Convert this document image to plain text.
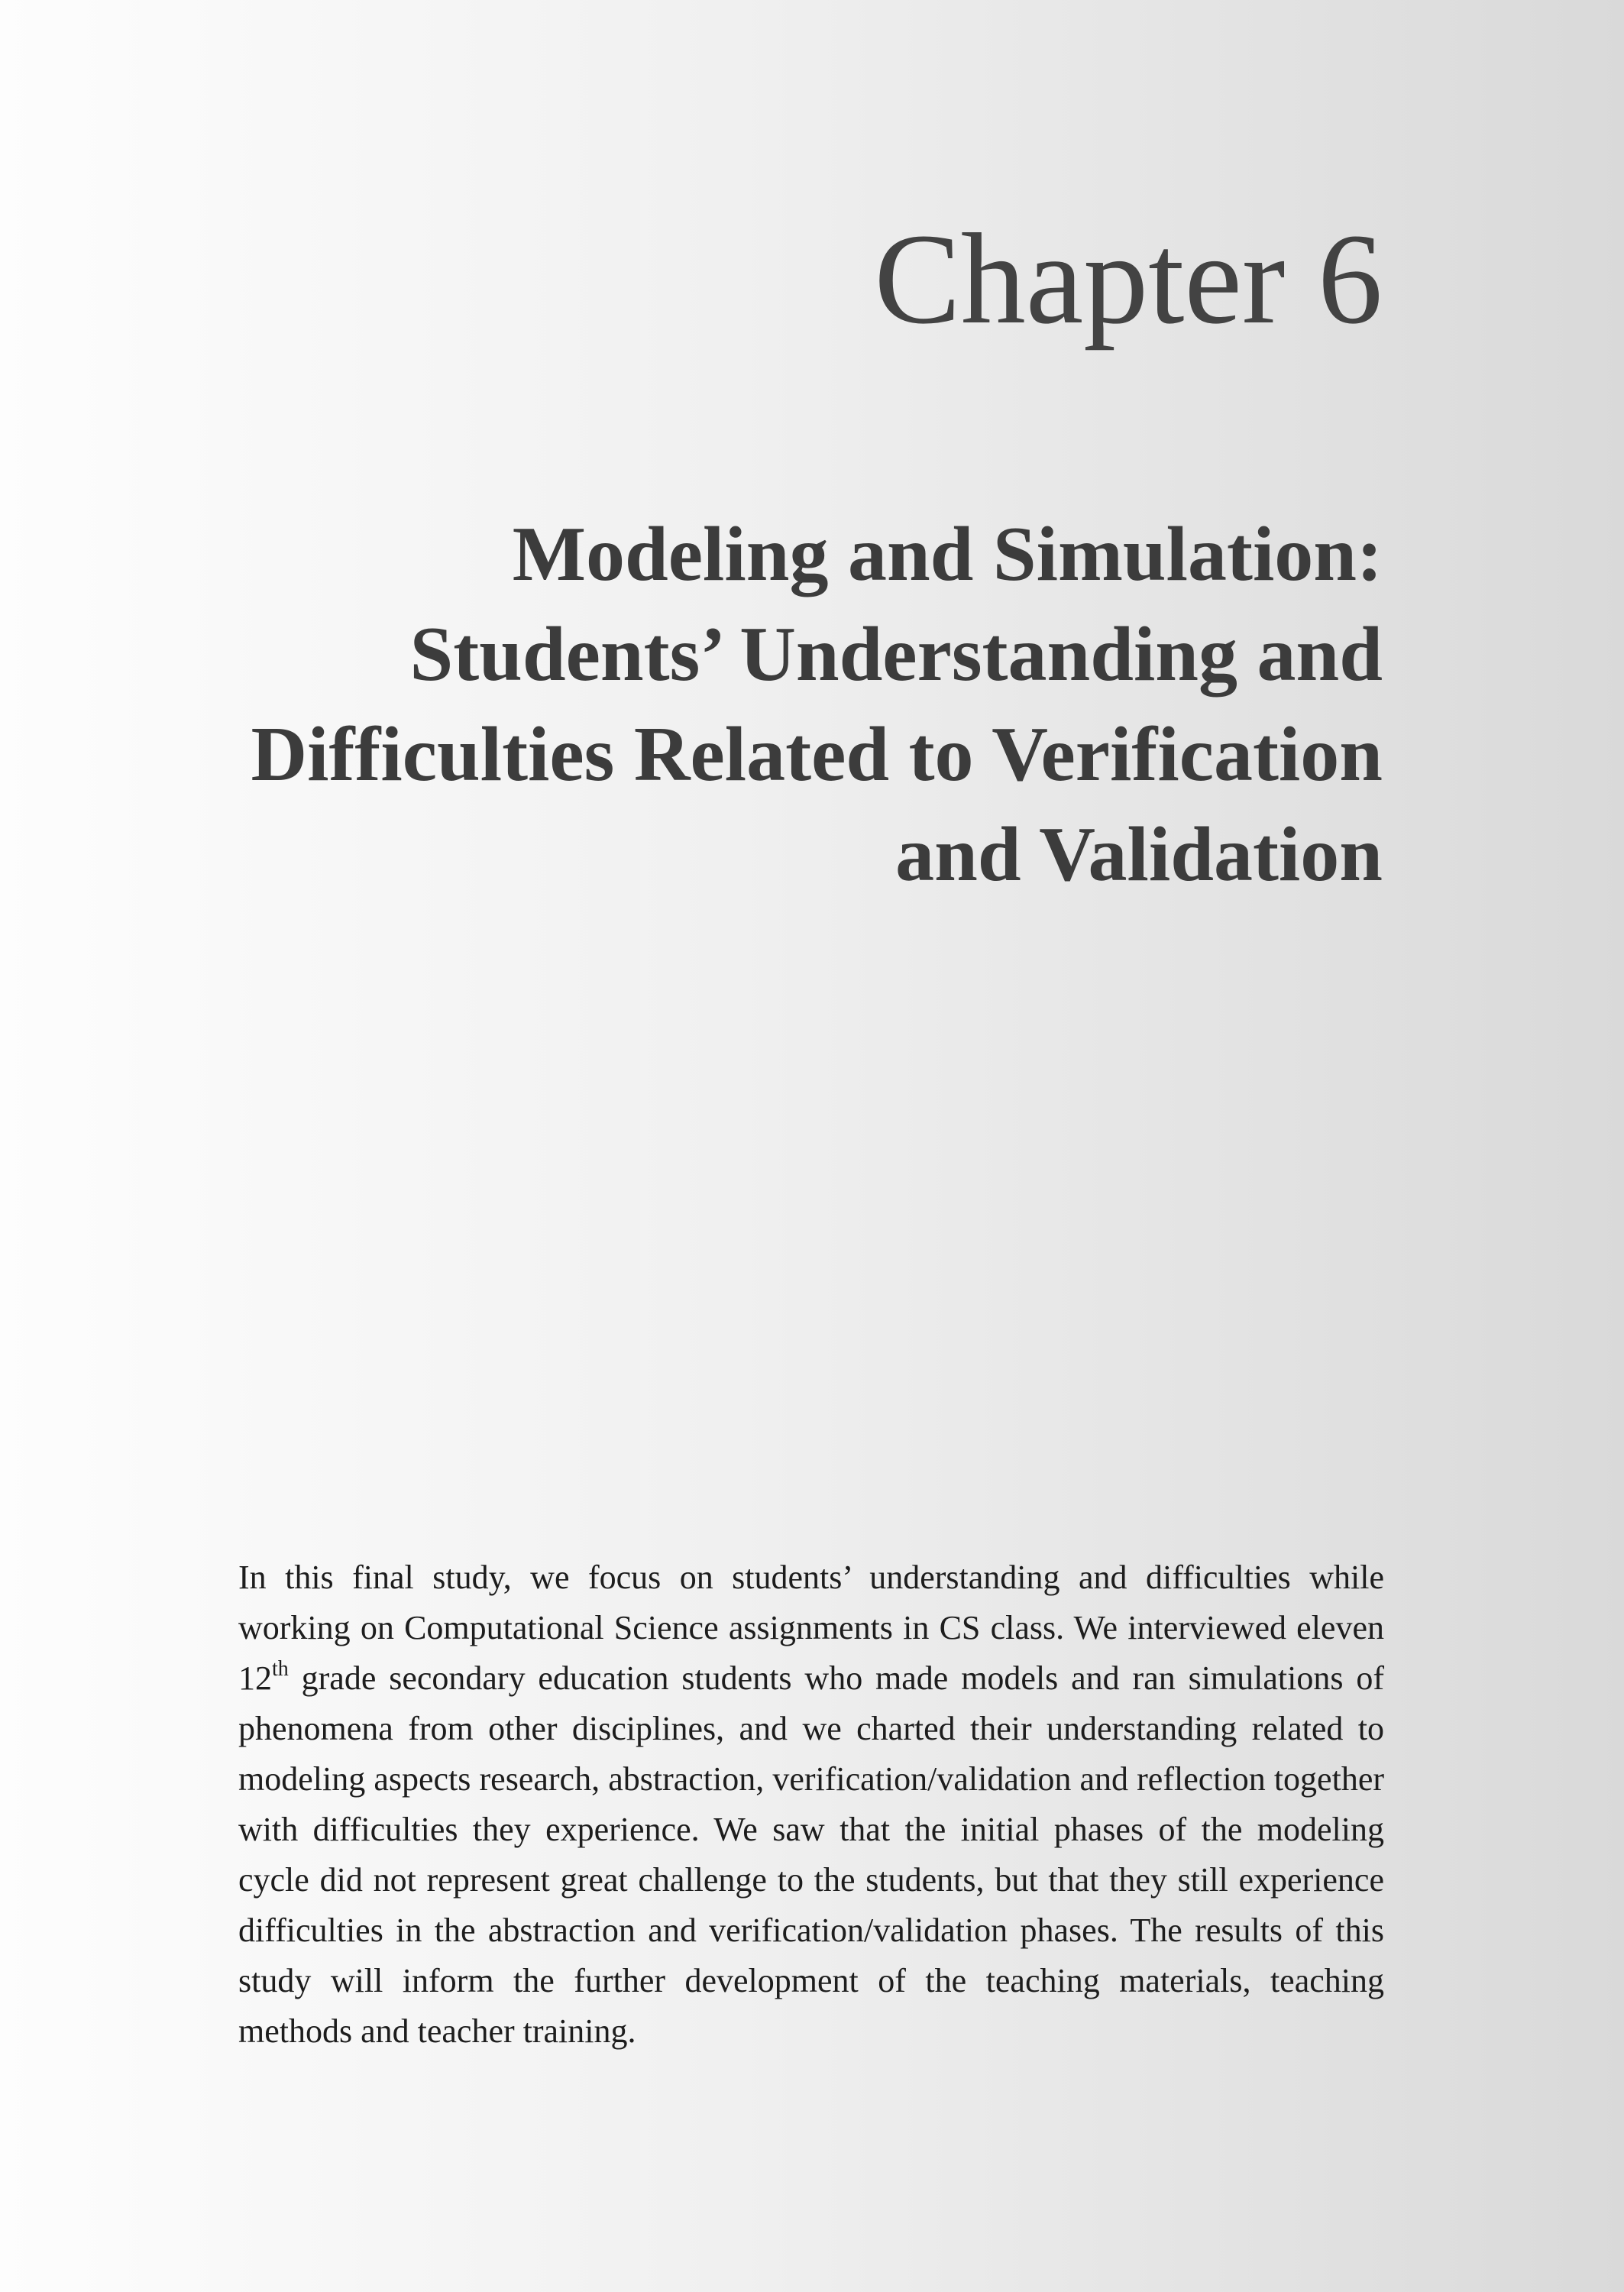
Chapter 6
Modeling and Simulation:
Students’ Understanding and
Difficulties Related to Verification
and Validation

In this final study, we focus on students’ understanding and difficulties while working on Computational Science assignments in CS class. We interviewed eleven 12th grade secondary education students who made models and ran simulations of phenomena from other disciplines, and we charted their understanding related to modeling aspects research, abstraction, verification/validation and reflection together with difficulties they experience. We saw that the initial phases of the modeling cycle did not represent great challenge to the students, but that they still experience difficulties in the abstraction and verification/validation phases. The results of this study will inform the further development of the teaching materials, teaching methods and teacher training.
